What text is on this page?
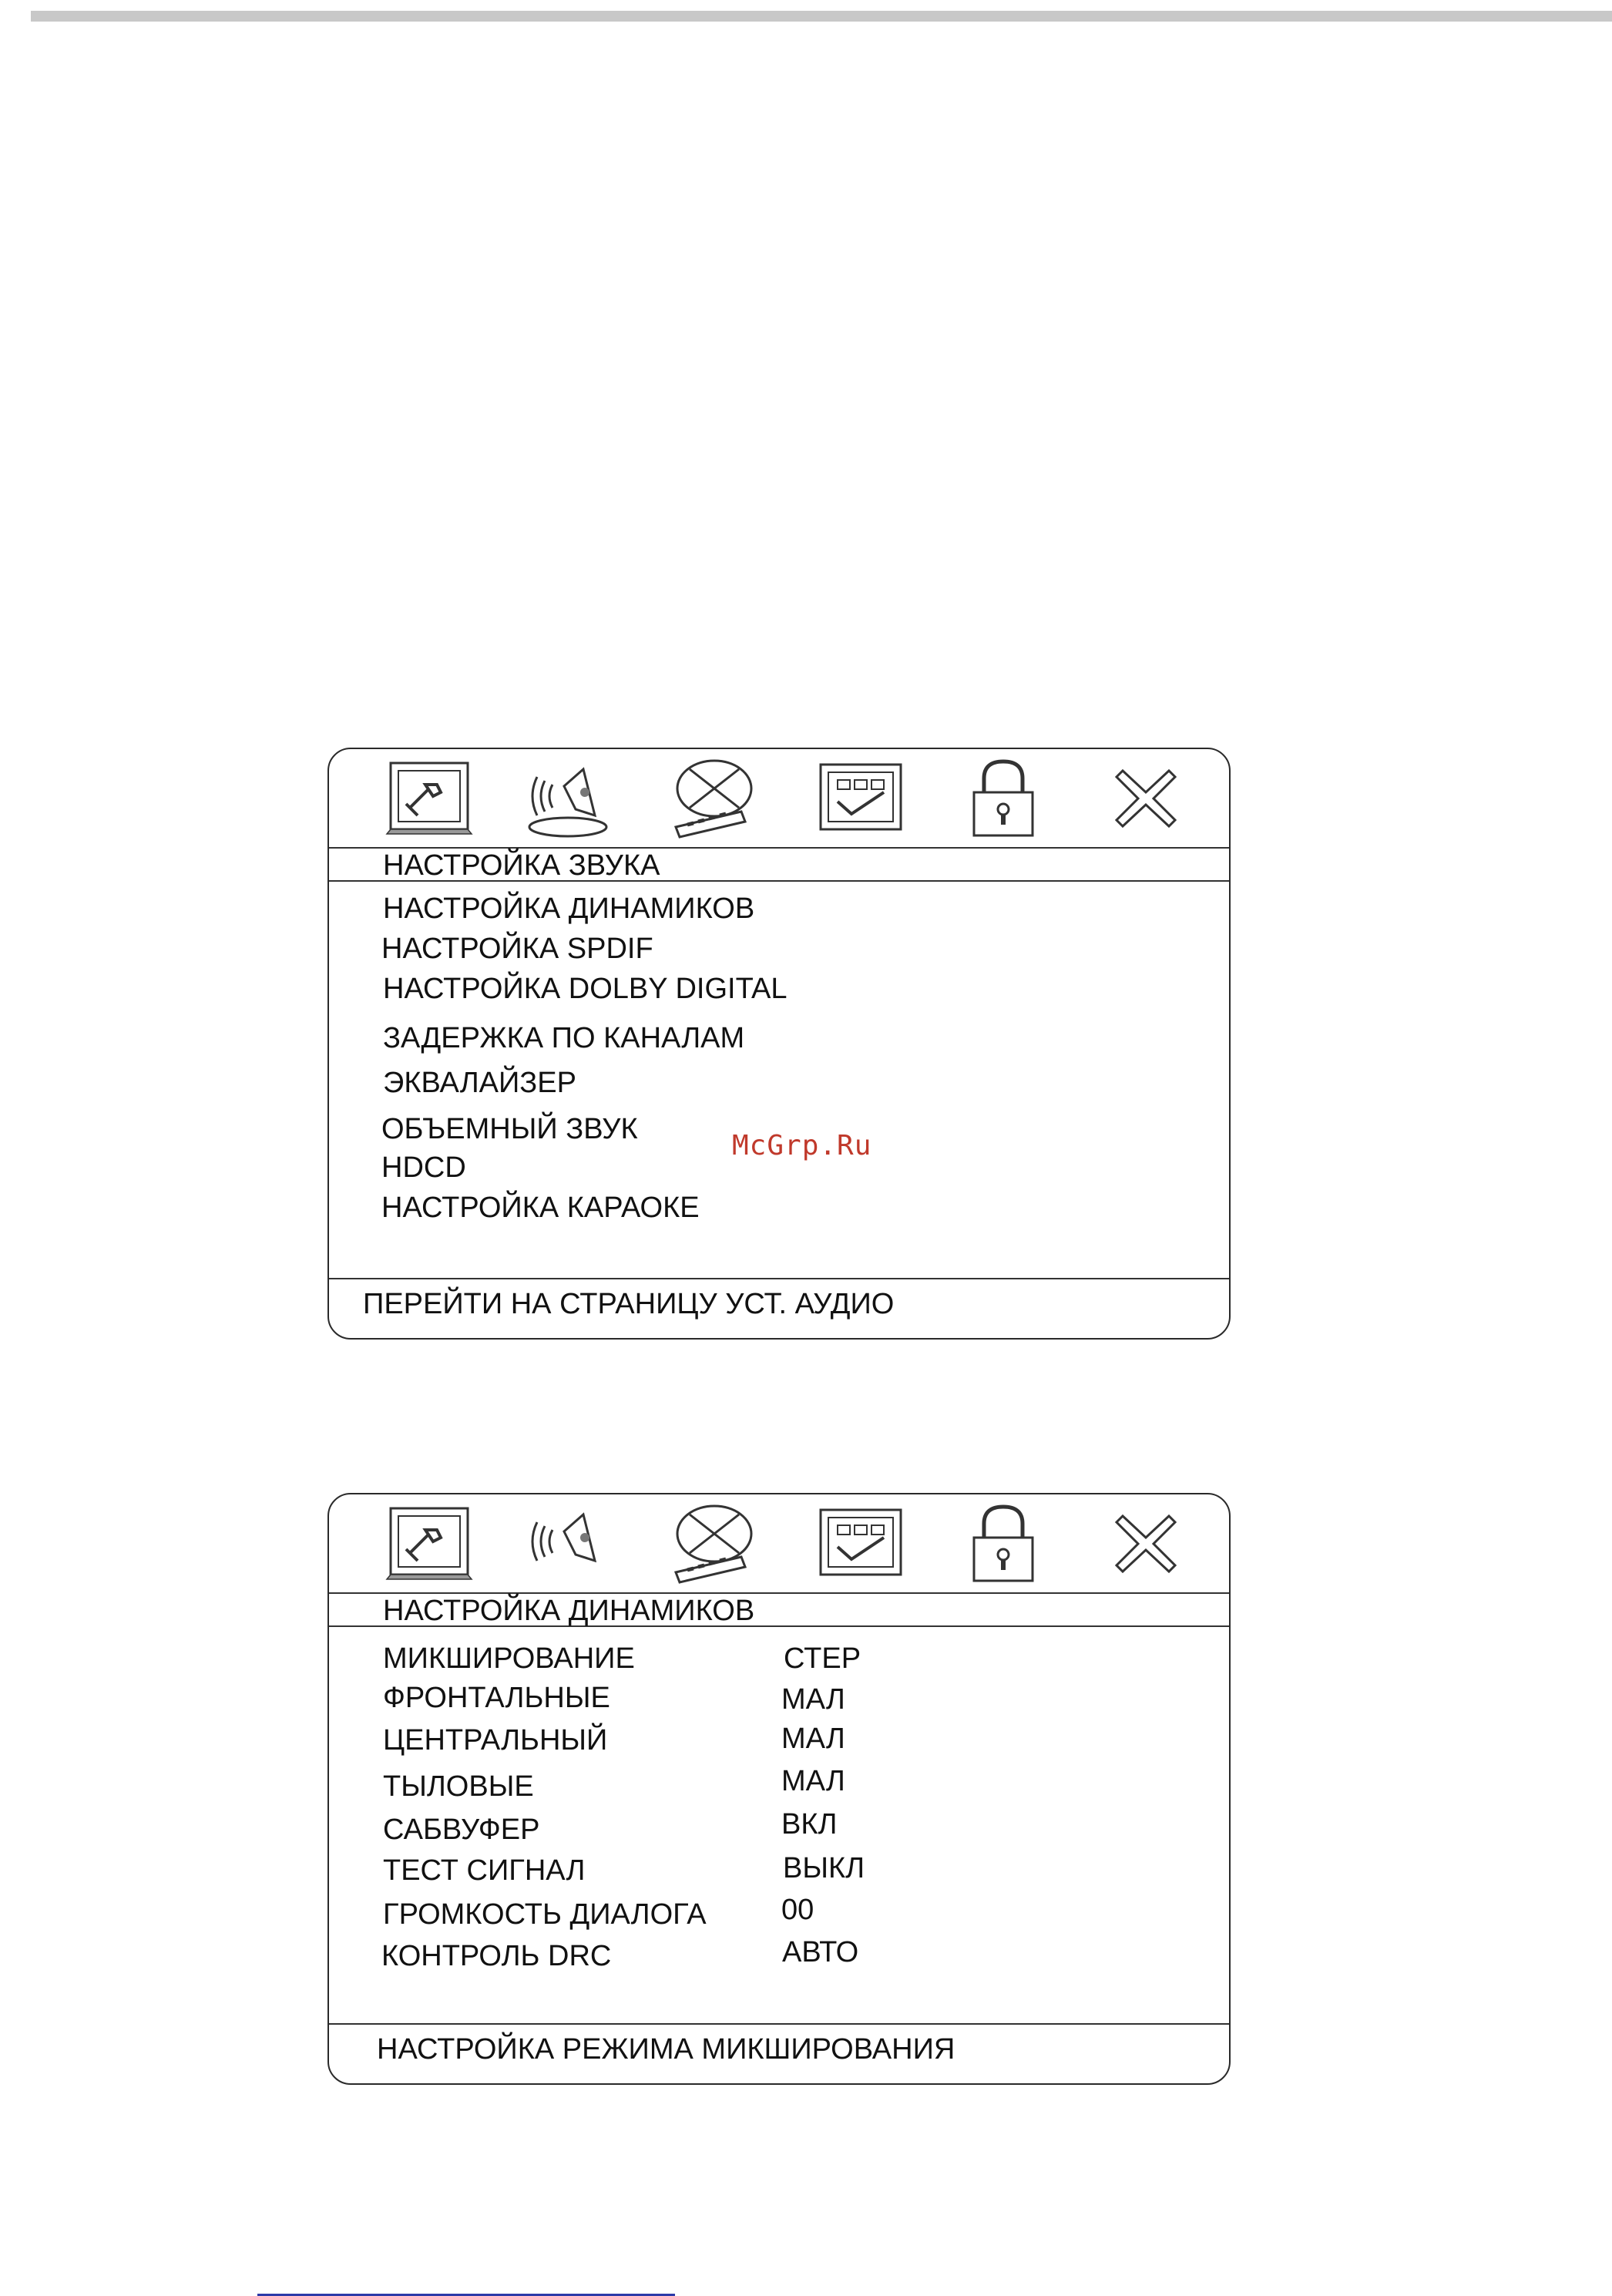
НАСТРОЙКА ЗВУКА
НАСТРОЙКА ДИНАМИКОВ
НАСТРОЙКА SPDIF
НАСТРОЙКА DOLBY DIGITAL
ЗАДЕРЖКА ПО КАНАЛАМ
ЭКВАЛАЙЗЕР
ОБЪЕМНЫЙ ЗВУК
HDCD
НАСТРОЙКА КАРАОКЕ
ПЕРЕЙТИ НА СТРАНИЦУ УСТ. АУДИО
McGrp.Ru
НАСТРОЙКА ДИНАМИКОВ
МИКШИРОВАНИЕ	СТЕР
ФРОНТАЛЬНЫЕ	МАЛ
ЦЕНТРАЛЬНЫЙ	МАЛ
ТЫЛОВЫЕ	МАЛ
САБВУФЕР	ВКЛ
ТЕСТ СИГНАЛ	ВЫКЛ
ГРОМКОСТЬ ДИАЛОГА	00
КОНТРОЛЬ DRC	АВТО
НАСТРОЙКА РЕЖИМА МИКШИРОВАНИЯ
